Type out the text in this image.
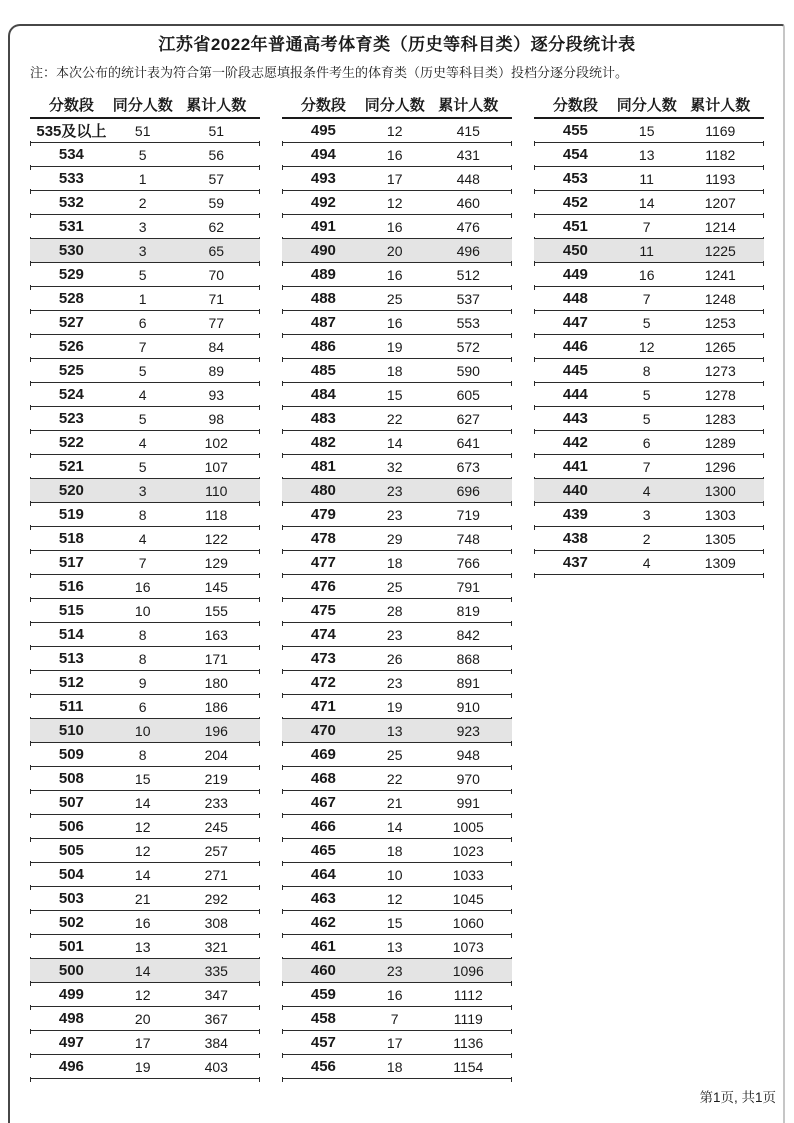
江苏省2022年普通高考体育类（历史等科目类）逐分段统计表
注：本次公布的统计表为符合第一阶段志愿填报条件考生的体育类（历史等科目类）投档分逐分段统计。
分数段	同分人数 累计人数
535及以上	51	51
534	5	56
533	1	57
532	2	59
531	3	62
530	3	65
529	5	70
528	1	71
527	6	77
526	7	84
525	5	89
524	4	93
523	5	98
522	4	102
521	5	107
520	3	110
519	8	118
518	4	122
517	7	129
516	16	145
515	10	155
514	8	163
513	8	171
512	9	180
511	6	186
510	10	196
509	8	204
508	15	219
507	14	233
506	12	245
505	12	257
504	14	271
503	21	292
502	16	308
501	13	321
500	14	335
499	12	347
498	20	367
497	17	384
496	19	403
分数段	同分人数 累计人数
495	12	415
494	16	431
493	17	448
492	12	460
491	16	476
490	20	496
489	16	512
488	25	537
487	16	553
486	19	572
485	18	590
484	15	605
483	22	627
482	14	641
481	32	673
480	23	696
479	23	719
478	29	748
477	18	766
476	25	791
475	28	819
474	23	842
473	26	868
472	23	891
471	19	910
470	13	923
469	25	948
468	22	970
467	21	991
466	14	1005
465	18	1023
464	10	1033
463	12	1045
462	15	1060
461	13	1073
460	23	1096
459	16	1112
458	7	1119
457	17	1136
456	18	1154
分数段	同分人数 累计人数
455	15	1169
454	13	1182
453	11	1193
452	14	1207
451	7	1214
450	11	1225
449	16	1241
448	7	1248
447	5	1253
446	12	1265
445	8	1273
444	5	1278
443	5	1283
442	6	1289
441	7	1296
440	4	1300
439	3	1303
438	2	1305
437	4	1309
第1页, 共1页
